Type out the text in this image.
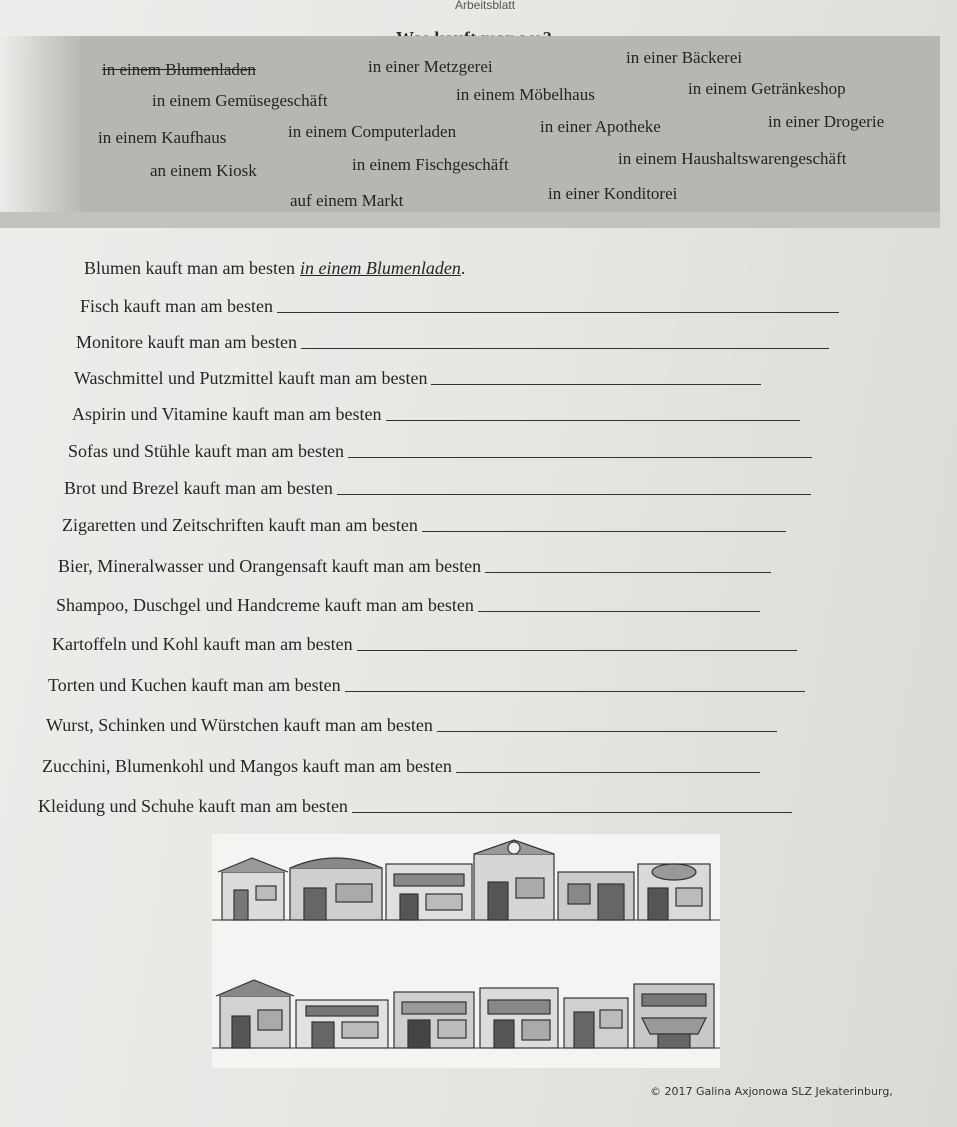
Arbeitsblatt
in einem Blumenladen	in einer Metzgerei	in einer Bäckerei
in einem Gemüsegeschäft	in einem Möbelhaus	in einem Getränkeshop
in einem Kaufhaus	in einem Computerladen	in einer Apotheke	in einer Drogerie
an einem Kiosk	in einem Fischgeschäft	in einem Haushaltswarengeschäft
auf einem Markt	in einer Konditorei
Blumen kauft man am besten in einem Blumenladen .
Fisch kauft man am besten
Monitore kauft man am besten
Waschmittel und Putzmittel kauft man am besten
Aspirin und Vitamine kauft man am besten
Sofas und Stühle kauft man am besten
Brot und Brezel kauft man am besten
Zigaretten und Zeitschriften kauft man am besten
Bier, Mineralwasser und Orangensaft kauft man am besten
Shampoo, Duschgel und Handcreme kauft man am besten
Kartoffeln und Kohl kauft man am besten
Torten und Kuchen kauft man am besten
Wurst, Schinken und Würstchen kauft man am besten
Zucchini, Blumenkohl und Mangos kauft man am besten
Kleidung und Schuhe kauft man am besten
© 2017 Galina Axjonowa SLZ Jekaterinburg,
